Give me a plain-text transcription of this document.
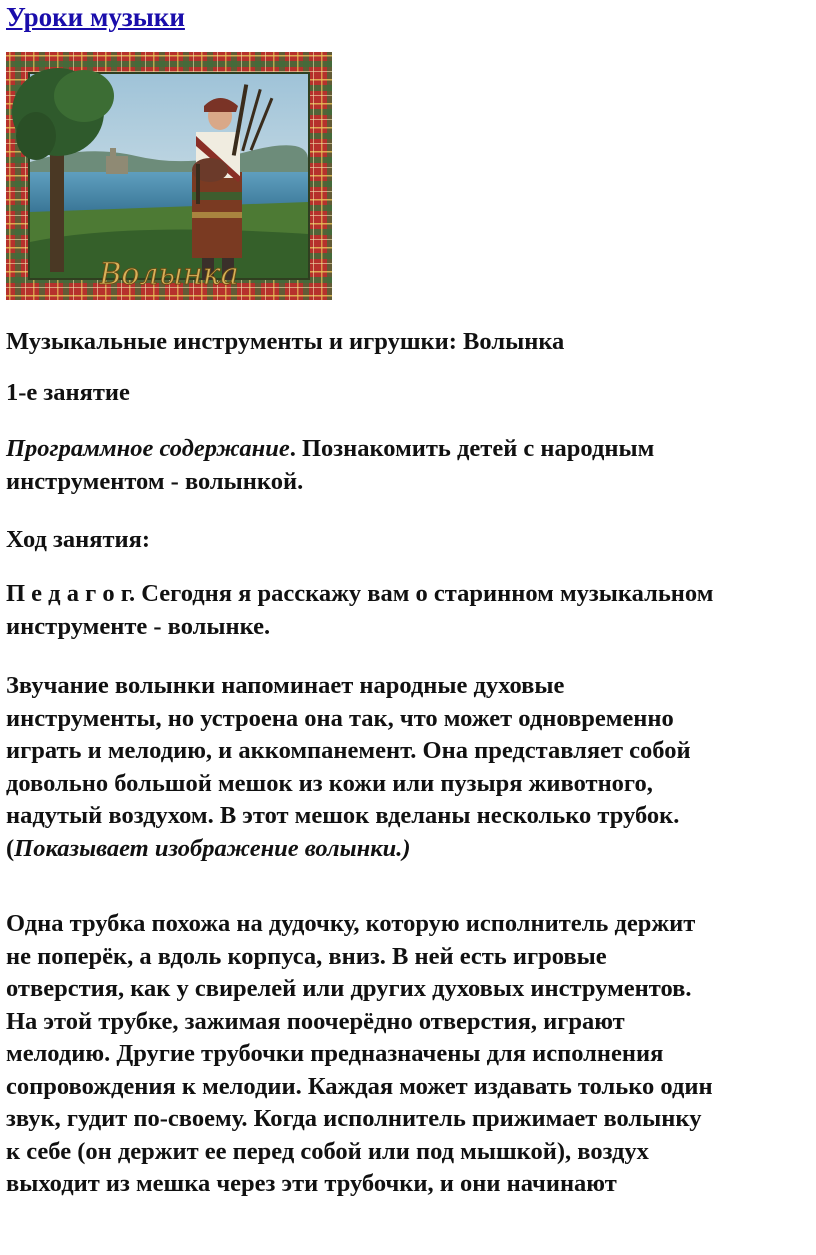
Уроки музыки
Волынка
Музыкальные инструменты и игрушки: Волынка
1-е занятие

Программное содержание. Познакомить детей с народным

инструментом - волынкой.

Ход занятия:

П е д а г о г. Сегодня я расскажу вам о старинном музыкальном

инструменте - волынке.

Звучание волынки напоминает народные духовые

инструменты, но устроена она так, что может одновременно

играть и мелодию, и аккомпанемент. Она представляет собой

довольно большой мешок из кожи или пузыря животного,

надутый воздухом. В этот мешок вделаны несколько трубок.

(Показывает изображение волынки.)

Одна трубка похожа на дудочку, которую исполнитель держит

не поперёк, а вдоль корпуса, вниз. В ней есть игровые

отверстия, как у свирелей или других духовых инструментов.

На этой трубке, зажимая поочерёдно отверстия, играют

мелодию. Другие трубочки предназначены для исполнения

сопровождения к мелодии. Каждая может издавать только один

звук, гудит по-своему. Когда исполнитель прижимает волынку

к себе (он держит ее перед собой или под мышкой), воздух

выходит из мешка через эти трубочки, и они начинают
